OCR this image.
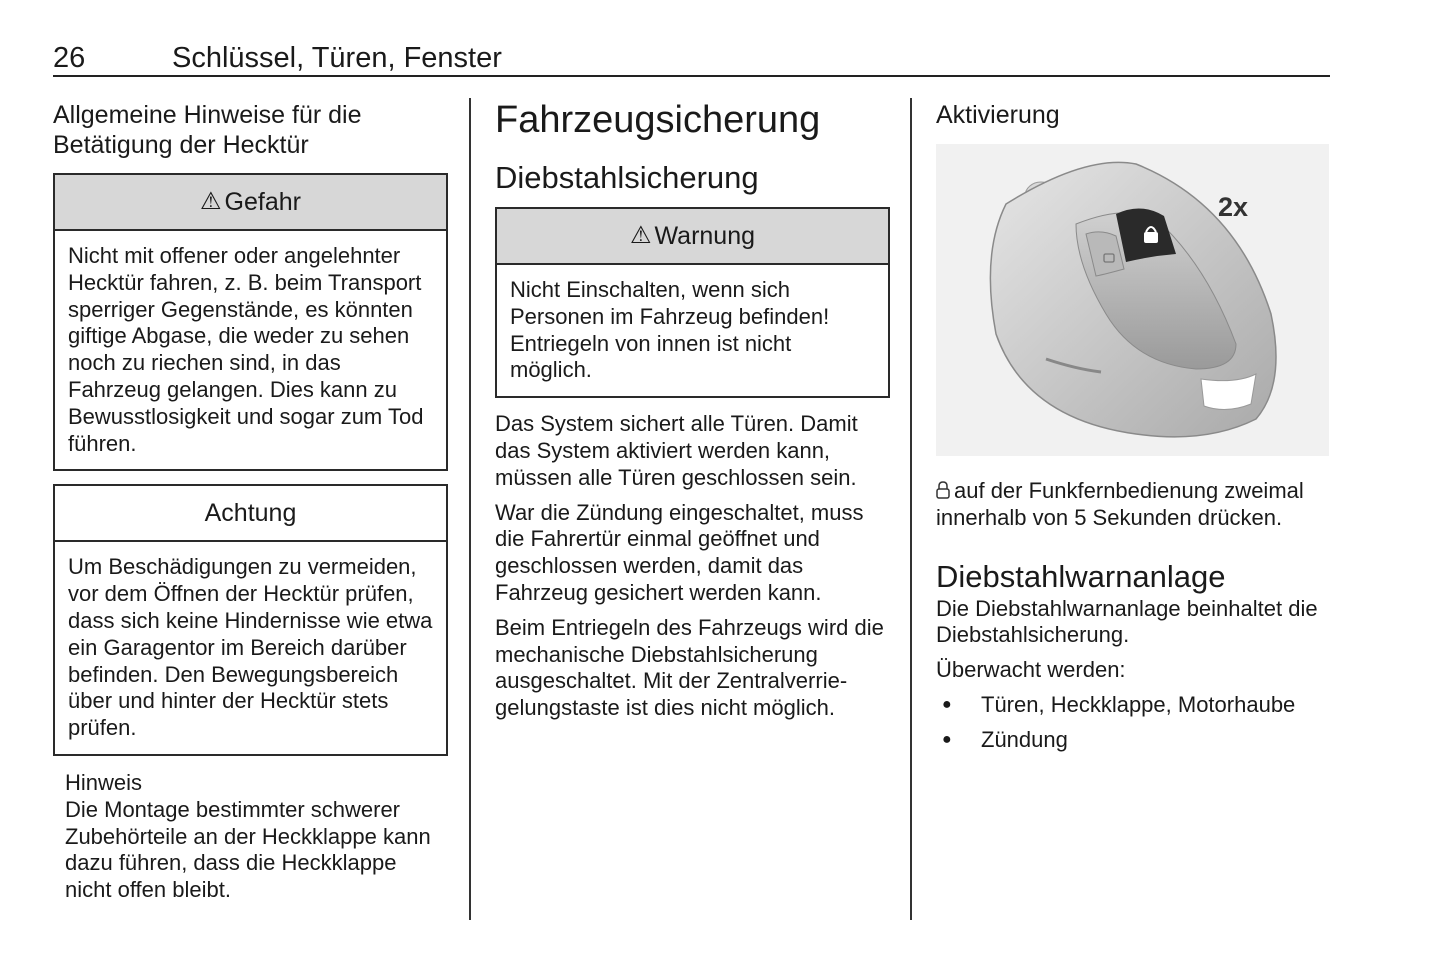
26	Schlüssel, Türen, Fenster
Allgemeine Hinweise für die
Betätigung der Hecktür
⚠ Gefahr
Nicht mit offener oder angelehnter Hecktür fahren, z. B. beim Transport sperriger Gegenstände, es könnten giftige Abgase, die weder zu sehen noch zu riechen sind, in das Fahrzeug gelangen. Dies kann zu Bewusstlosigkeit und sogar zum Tod führen.
Achtung
Um Beschädigungen zu vermeiden, vor dem Öffnen der Hecktür prüfen, dass sich keine Hindernisse wie etwa ein Garagentor im Bereich darüber befinden. Den Bewegungsbereich über und hinter der Hecktür stets prüfen.
Hinweis
Die Montage bestimmter schwerer Zubehörteile an der Heckklappe kann dazu führen, dass die Heckklappe nicht offen bleibt.
Fahrzeugsicherung
Diebstahlsicherung
⚠ Warnung
Nicht Einschalten, wenn sich Personen im Fahrzeug befinden! Entriegeln von innen ist nicht möglich.

Das System sichert alle Türen. Damit das System aktiviert werden kann, müssen alle Türen geschlossen sein.

War die Zündung eingeschaltet, muss die Fahrertür einmal geöffnet und geschlossen werden, damit das Fahrzeug gesichert werden kann.

Beim Entriegeln des Fahrzeugs wird die mechanische Diebstahlsicherung ausgeschaltet. Mit der Zentralverriegelungstaste ist dies nicht möglich.

Aktivierung
2x

auf der Funkfernbedienung zweimal innerhalb von 5 Sekunden drücken.

Diebstahlwarnanlage

Die Diebstahlwarnanlage beinhaltet die Diebstahlsicherung.

Überwacht werden:

● Türen, Heckklappe, Motorhaube
● Zündung
